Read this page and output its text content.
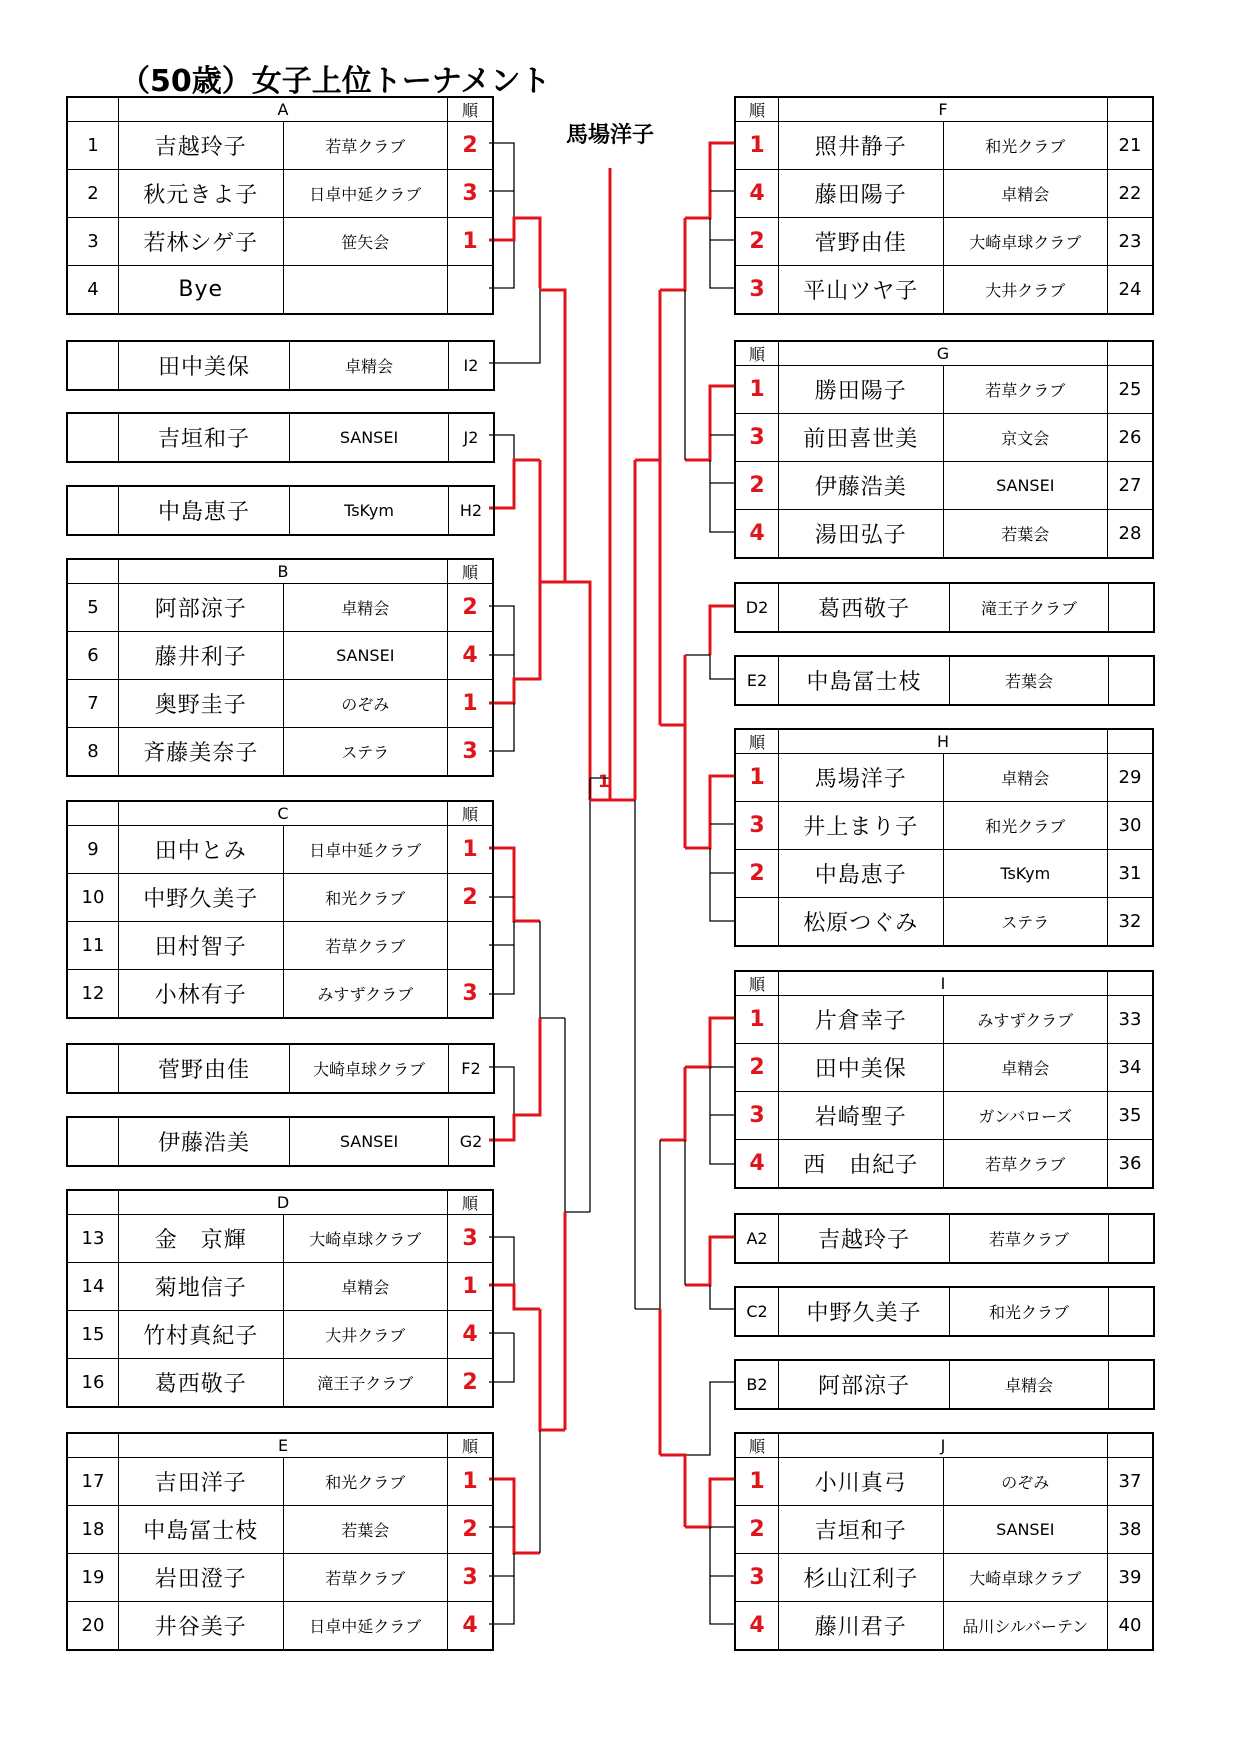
（50歳）女子上位トーナメント
馬場洋子
1
	A		順
1	吉越玲子	若草クラブ	2
2	秋元きよ子	日卓中延クラブ	3
3	若林シゲ子	笹矢会	1
4	Bye		
	田中美保	卓精会	I2
	吉垣和子	SANSEI	J2
	中島恵子	TsKym	H2
	B		順
5	阿部涼子	卓精会	2
6	藤井利子	SANSEI	4
7	奥野圭子	のぞみ	1
8	斉藤美奈子	ステラ	3
	C		順
9	田中とみ	日卓中延クラブ	1
10	中野久美子	和光クラブ	2
11	田村智子	若草クラブ	
12	小林有子	みすずクラブ	3
	菅野由佳	大崎卓球クラブ	F2
	伊藤浩美	SANSEI	G2
	D		順
13	金　京輝	大崎卓球クラブ	3
14	菊地信子	卓精会	1
15	竹村真紀子	大井クラブ	4
16	葛西敬子	滝王子クラブ	2
	E		順
17	吉田洋子	和光クラブ	1
18	中島冨士枝	若葉会	2
19	岩田澄子	若草クラブ	3
20	井谷美子	日卓中延クラブ	4
順	F		
1	照井静子	和光クラブ	21
4	藤田陽子	卓精会	22
2	菅野由佳	大崎卓球クラブ	23
3	平山ツヤ子	大井クラブ	24
順	G		
1	勝田陽子	若草クラブ	25
3	前田喜世美	京文会	26
2	伊藤浩美	SANSEI	27
4	湯田弘子	若葉会	28
D2	葛西敬子	滝王子クラブ	
E2	中島冨士枝	若葉会	
順	H		
1	馬場洋子	卓精会	29
3	井上まり子	和光クラブ	30
2	中島恵子	TsKym	31
	松原つぐみ	ステラ	32
順	I		
1	片倉幸子	みすずクラブ	33
2	田中美保	卓精会	34
3	岩崎聖子	ガンバローズ	35
4	西　由紀子	若草クラブ	36
A2	吉越玲子	若草クラブ	
C2	中野久美子	和光クラブ	
B2	阿部涼子	卓精会	
順	J		
1	小川真弓	のぞみ	37
2	吉垣和子	SANSEI	38
3	杉山江利子	大崎卓球クラブ	39
4	藤川君子	品川シルバーテン	40
